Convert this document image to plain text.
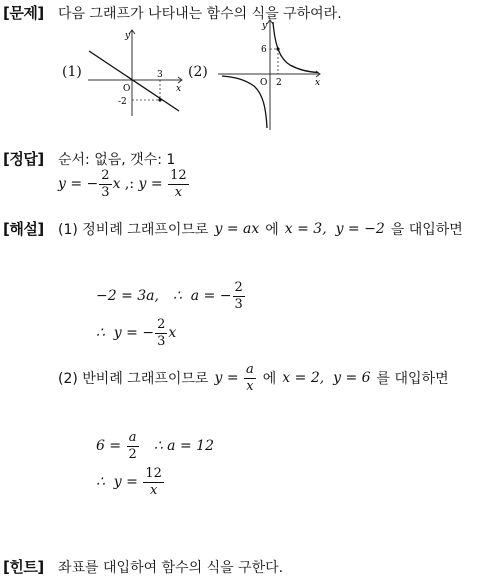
[문제] 다음 그래프가 나타내는 함수의 식을 구하여라.
(1)
y
x
O
3
-2
(2)
y
x
O 2
6
[정답] 순서: 없음, 갯수: 1
y = − $\frac{2}{3}$ x ,: $y = \frac{12}{x}$
[해설] (1) 정비례 그래프이므로 y = ax 에 x = 3,  y = −2 을 대입하면
−2 = 3a, ∴  a = − $\frac{2}{3}$
∴  y = − $\frac{2}{3}$ x
(2) 반비례 그래프이므로 $y = \frac{a}{x}$ 에 x = 2,  y = 6 를 대입하면
$6 = \frac{a}{2}$ ∴ a = 12
∴  $y = \frac{12}{x}$
[힌트] 좌표를 대입하여 함수의 식을 구한다.
